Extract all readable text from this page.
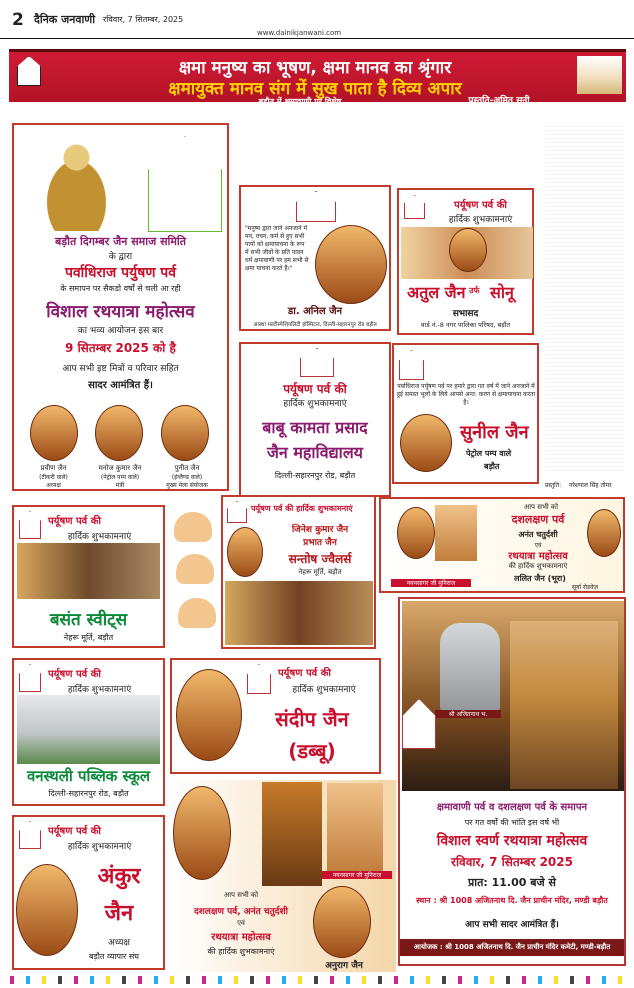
2 दैनिक जनवाणी रविवार, 7 सितम्बर, 2025
www.dainikjanwani.com
क्षमा मनुष्य का भूषण, क्षमा मानव का श्रृंगार
क्षमायुक्त मानव संग में सुख पाता है दिव्य अपार
बड़ौत में क्षमावाणी पर विशेष	प्रस्तुति-अमित सनी
बड़ौत दिगम्बर जैन समाज समिति
के द्वारा
पर्वाधिराज पर्युषण पर्व
के समापन पर सैकडो वर्षों से चली आ रही
विशाल रथयात्रा महोत्सव
का भव्य आयोजन इस बार
9 सितम्बर 2025 को है
आप सभी इष्ट मित्रों व परिवार सहित
सादर आमंत्रित हैं।
प्रवीण जैन
(टीकरी वाले)
अध्यक्ष
मनोज कुमार जैन
(पेट्रोल पम्प वाले)
मंत्री
पुनीत जैन
(इंग्लैण्ड वाले)
मुख्य मेला संयोजक
"मनुष्य द्वारा जाने अनजाने में मन, वचन, कर्म से हुए सभी पापों को क्षमायाचना के रूप में सभी जीवों के प्रति पावन धर्म क्षमावाणी पर हम सभी से क्षमा याचना करते हैं।"
डा. अनिल जैन
आस्था मल्टीस्पेशियलिटी हॉस्पिटल, दिल्ली-सहारनपुर रोड बड़ौत
पर्यूषण पर्व की
हार्दिक शुभकामनाएं
अतुल जैन उर्फ सोनू
सभासद
वार्ड नं.-8 नगर पालिका परिषद, बड़ौत
प्रस्तुति: नरेशपाल सिंह तोमर
पर्यूषण पर्व की
हार्दिक शुभकामनाएं
बाबू कामता प्रसाद
जैन महाविद्यालय
दिल्ली-सहारनपुर रोड, बड़ौत
पर्वाधिराज पर्युषण पर्व पर हमारे द्वारा गत वर्ष में जाने अनजाने में हुई समस्त भूलों के लिये आपसे अन्त: करण से क्षमायाचना करता है।
सुनील जैन
पेट्रोल पम्प वाले
बड़ौत
पर्यूषण पर्व की
हार्दिक शुभकामनाएं
बसंत स्वीट्स
नेहरू मूर्ति, बड़ौत
पर्यूषण पर्व की हार्दिक शुभकामनाएं
जिनेश कुमार जैन
प्रभात जैन
सन्तोष ज्वैलर्स
नेहरू मूर्ति, बड़ौत
नयनसागर जी मुनिराज
आप सभी को
दशलक्षण पर्व
अनंत चतुर्दशी
एवं
रथयात्रा महोत्सव
की हार्दिक शुभकामनाएं
ललित जैन (भूरा)
सूर्या रोडवेज़
पर्यूषण पर्व की
हार्दिक शुभकामनाएं
वनस्थली पब्लिक स्कूल
दिल्ली-सहारनपुर रोड, बड़ौत
पर्यूषण पर्व की
हार्दिक शुभकामनाएं
संदीप जैन
(डब्बू)
नयनसागर जी मुनिराज
आप सभी को
दशलक्षण पर्व, अनंत चतुर्दशी
एवं
रथयात्रा महोत्सव
की हार्दिक शुभकामनाएं
अनुराग जैन
पर्यूषण पर्व की
हार्दिक शुभकामनाएं
अंकुर
जैन
अध्यक्ष
बड़ौत व्यापार संघ
श्री अजितनाथ भ.
क्षमावाणी पर्व व दशलक्षण पर्व के समापन
पर गत वर्षों की भांति इस वर्ष भी
विशाल स्वर्ण रथयात्रा महोत्सव
रविवार, 7 सितम्बर 2025
प्रात: 11.00 बजे से
स्थान : श्री 1008 अजितनाथ दि. जैन प्राचीन मंदिर, मण्डी बड़ौत
आप सभी सादर आमंत्रित हैं।
आयोजक : श्री 1008 अजितनाथ दि. जैन प्राचीन मंदिर कमेटी, मण्डी-बड़ौत
